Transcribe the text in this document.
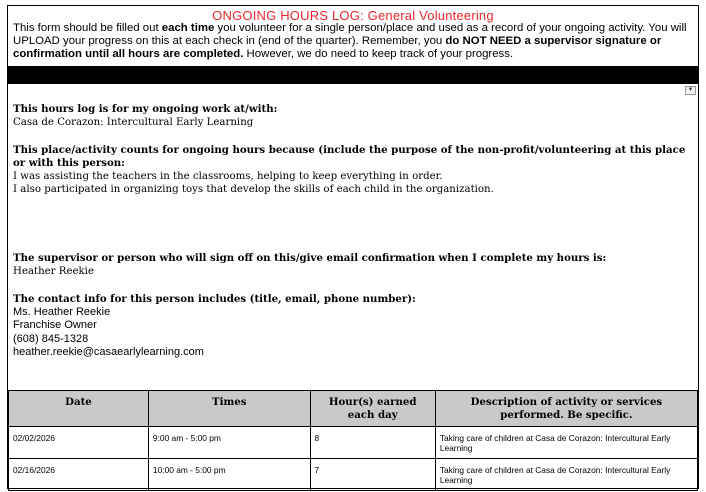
ONGOING HOURS LOG: General Volunteering
This form should be filled out each time you volunteer for a single person/place and used as a record of your ongoing activity. You will UPLOAD your progress on this at each check in (end of the quarter). Remember, you do NOT NEED a supervisor signature or confirmation until all hours are completed. However, we do need to keep track of your progress.
▼
This hours log is for my ongoing work at/with:
Casa de Corazon: Intercultural Early Learning
This place/activity counts for ongoing hours because (include the purpose of the non-profit/volunteering at this place or with this person:
I was assisting the teachers in the classrooms, helping to keep everything in order.
I also participated in organizing toys that develop the skills of each child in the organization.
The supervisor or person who will sign off on this/give email confirmation when I complete my hours is:
Heather Reekie
The contact info for this person includes (title, email, phone number):
Ms. Heather Reekie
Franchise Owner
(608) 845-1328
heather.reekie@casaearlylearning.com
Date	Times	Hour(s) earned each day	Description of activity or services performed. Be specific.
02/02/2026	9:00 am - 5:00 pm	8	Taking care of children at Casa de Corazon: Intercultural Early Learning
02/16/2026	10:00 am - 5:00 pm	7	Taking care of children at Casa de Corazon: Intercultural Early Learning
